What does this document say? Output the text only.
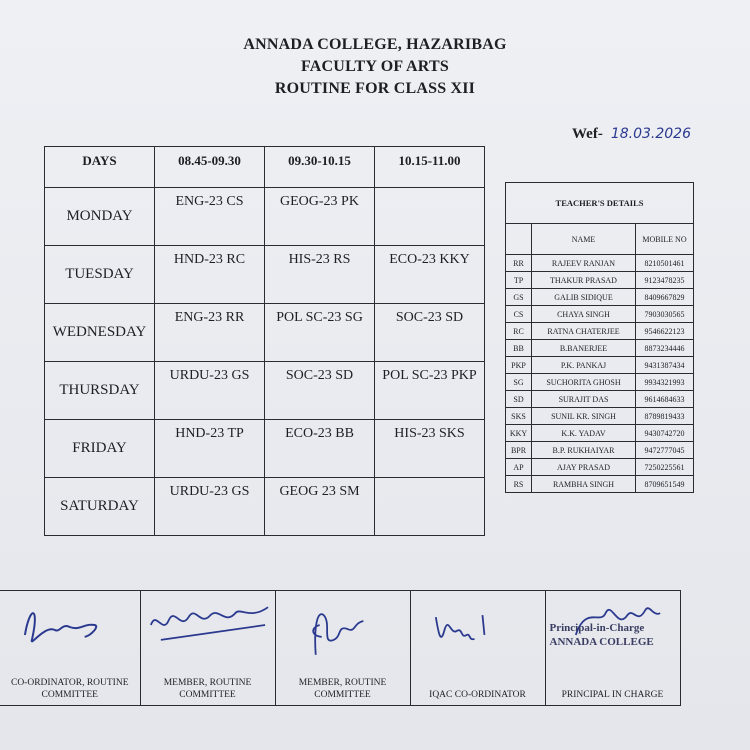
ANNADA COLLEGE, HAZARIBAG
FACULTY OF ARTS
ROUTINE FOR CLASS XII
Wef- 18.03.2026
DAYS	08.45-09.30	09.30-10.15	10.15-11.00
MONDAY	ENG-23 CS	GEOG-23 PK	
TUESDAY	HND-23 RC	HIS-23 RS	ECO-23 KKY
WEDNESDAY	ENG-23 RR	POL SC-23 SG	SOC-23 SD
THURSDAY	URDU-23 GS	SOC-23 SD	POL SC-23 PKP
FRIDAY	HND-23 TP	ECO-23 BB	HIS-23 SKS
SATURDAY	URDU-23 GS	GEOG 23 SM	
TEACHER'S DETAILS		
	NAME	MOBILE NO
RR	RAJEEV RANJAN	8210501461
TP	THAKUR PRASAD	9123478235
GS	GALIB SIDIQUE	8409667829
CS	CHAYA SINGH	7903030565
RC	RATNA CHATERJEE	9546622123
BB	B.BANERJEE	8873234446
PKP	P.K. PANKAJ	9431387434
SG	SUCHORITA GHOSH	9934321993
SD	SURAJIT DAS	9614684633
SKS	SUNIL KR. SINGH	8789819433
KKY	K.K. YADAV	9430742720
BPR	B.P. RUKHAIYAR	9472777045
AP	AJAY PRASAD	7250225561
RS	RAMBHA SINGH	8709651549
CO-ORDINATOR, ROUTINE COMMITTEE

MEMBER, ROUTINE COMMITTEE

MEMBER, ROUTINE COMMITTEE	IQAC CO-ORDINATOR

Principal-in-Charge
ANNADA COLLEGE
PRINCIPAL IN CHARGE
